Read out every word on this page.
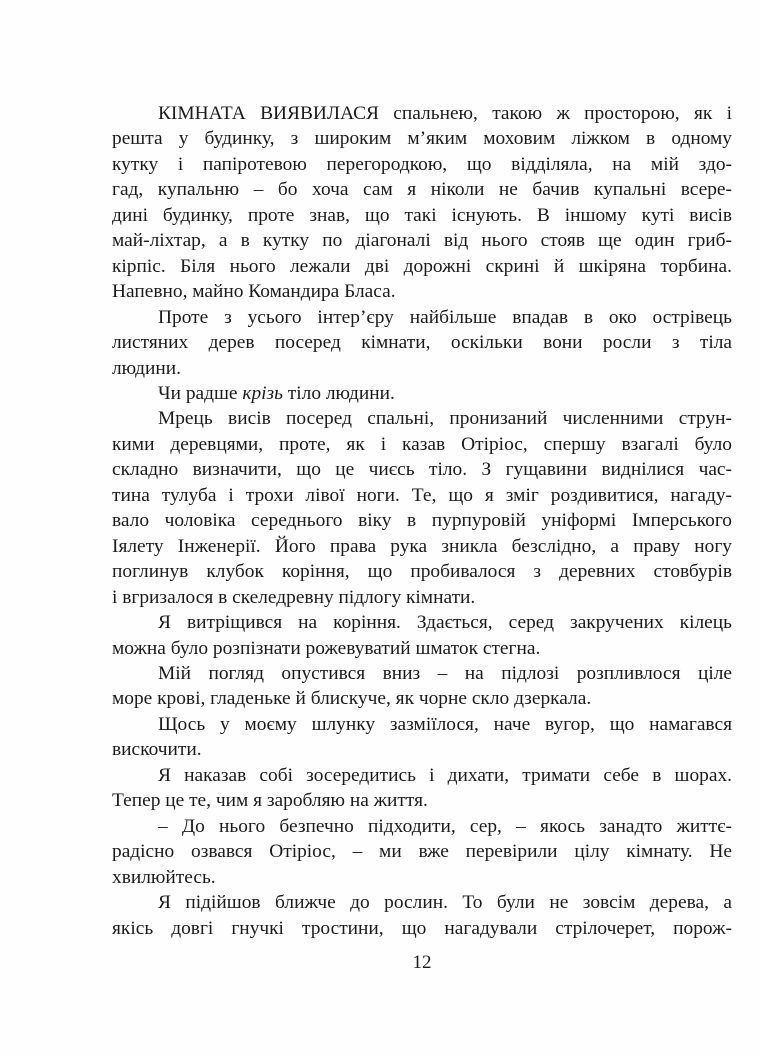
КІМНАТА ВИЯВИЛАСЯ спальнею, такою ж просторою, як і
решта у будинку, з широким м’яким моховим ліжком в одному
кутку і папіротевою перегородкою, що відділяла, на мій здо-
гад, купальню – бо хоча сам я ніколи не бачив купальні всере-
дині будинку, проте знав, що такі існують. В іншому куті висів
май-ліхтар, а в кутку по діагоналі від нього стояв ще один гриб-
кірпіс. Біля нього лежали дві дорожні скрині й шкіряна торбина.
Напевно, майно Командира Бласа.
Проте з усього інтер’єру найбільше впадав в око острівець
листяних дерев посеред кімнати, оскільки вони росли з тіла
людини.
Чи радше крізь тіло людини.
Мрець висів посеред спальні, пронизаний численними струн-
кими деревцями, проте, як і казав Отіріос, спершу взагалі було
складно визначити, що це чиєсь тіло. З гущавини виднілися час-
тина тулуба і трохи лівої ноги. Те, що я зміг роздивитися, нагаду-
вало чоловіка середнього віку в пурпуровій уніформі Імперського
Іялету Інженерії. Його права рука зникла безслідно, а праву ногу
поглинув клубок коріння, що пробивалося з деревних стовбурів
і вгризалося в скеледревну підлогу кімнати.
Я витріщився на коріння. Здається, серед закручених кілець
можна було розпізнати рожевуватий шматок стегна.
Мій погляд опустився вниз – на підлозі розпливлося ціле
море крові, гладеньке й блискуче, як чорне скло дзеркала.
Щось у моєму шлунку зазміїлося, наче вугор, що намагався
вискочити.
Я наказав собі зосередитись і дихати, тримати себе в шорах.
Тепер це те, чим я заробляю на життя.
– До нього безпечно підходити, сер, – якось занадто життє-
радісно озвався Отіріос, – ми вже перевірили цілу кімнату. Не
хвилюйтесь.
Я підійшов ближче до рослин. То були не зовсім дерева, а
якісь довгі гнучкі тростини, що нагадували стрілочерет, порож-
12
